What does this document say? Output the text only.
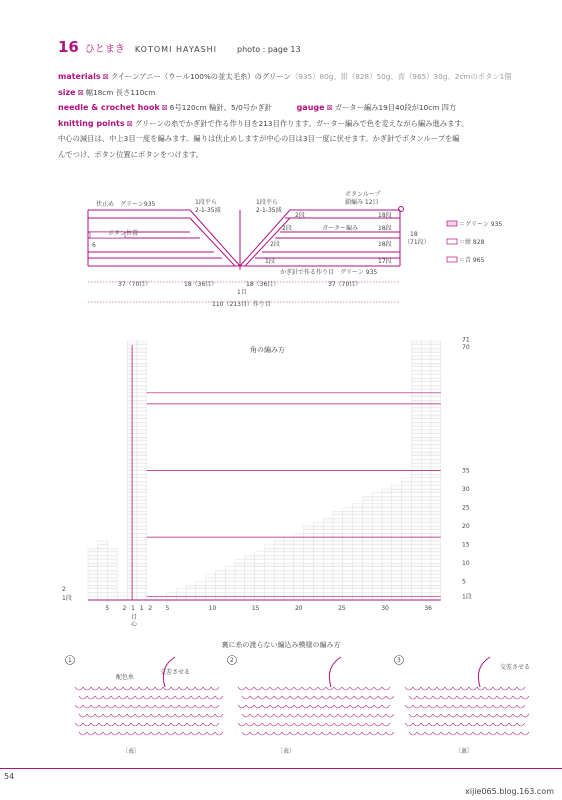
16 ひとまき KOTOMI HAYASHI	photo : page 13
materials ⊠ クイーンアニー（ウール100%の並太毛糸）のグリーン（935）80g、紺（828）50g、青（965）30g、2cmのボタン1個
size ⊠ 幅18cm 長さ110cm
needle & crochet hook ⊠ 6号120cm 輪針、5/0号かぎ針	gauge ⊠ ガーター編み19目40段が10cm 四方
knitting points ⊠ グリーンの糸でかぎ針で作る作り目を213目作ります。ガーター編みで色を変えながら編み進みます。
中心の減目は、中上3目一度を編みます。編りは伏止めしますが中心の目は3目一度に伏せます。かぎ針でボタンループを編
んでつけ、ボタン位置にボタンをつけます。
伏止め　グリーン935
ボタン位置
6
1段平ら
2-1-35減
1段平ら
2-1-35減
ボタンループ
鎖編み 12目
2段	18段
2段	ガーター編み	18段
2段	18段
1段	17段
18
（71段）
かぎ針で作る作り目　グリーン 935
37（70目）	18（36目）	18（36目）	37（70目）
1目
110（213目）作り目
＝グリーン 935
＝紺 828
＝青 965
角の編み方
71
70
35
30
25
20
15
10
5
1段
5 2 1 1 2 5	10	15	20	25	30	36
2
1段
目
心
裏に糸の渡らない編込み模様の編み方
1
配色糸
交差させる
〔表〕
2
〔表〕
3
交差させる
〔裏〕
54
xijie065.blog.163.com
